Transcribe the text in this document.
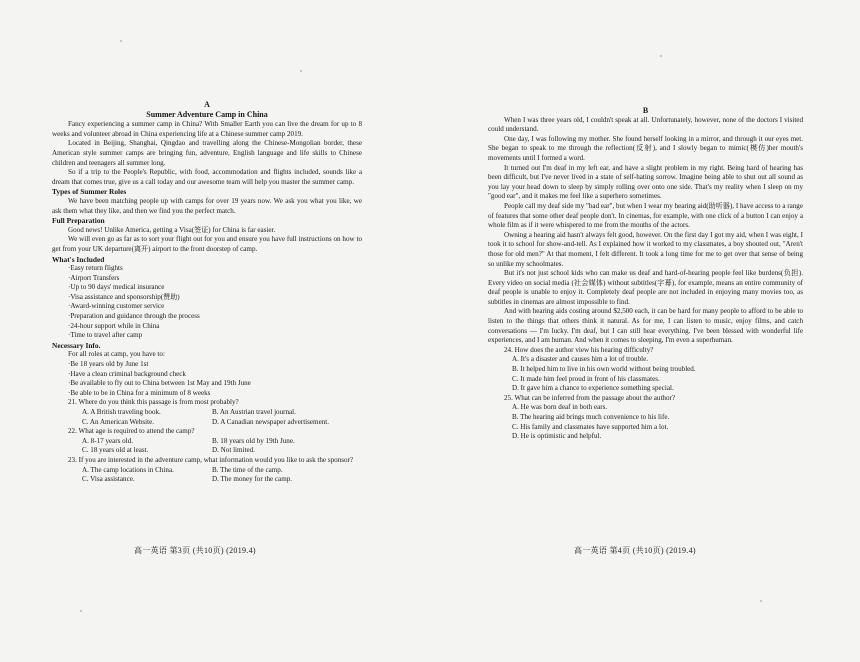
A
Summer Adventure Camp in China

Fancy experiencing a summer camp in China? With Smaller Earth you can live the dream for up to 8 weeks and volunteer abroad in China experiencing life at a Chinese summer camp 2019.

Located in Beijing, Shanghai, Qingdao and travelling along the Chinese-Mongolian border, these American style summer camps are bringing fun, adventure, English language and life skills to Chinese children and teenagers all summer long.

So if a trip to the People's Republic, with food, accommodation and flights included, sounds like a dream that comes true, give us a call today and our awesome team will help you master the summer camp.

Types of Summer Roles

We have been matching people up with camps for over 19 years now. We ask you what you like, we ask them what they like, and then we find you the perfect match.

Full Preparation

Good news! Unlike America, getting a Visa(签证) for China is far easier.

We will even go as far as to sort your flight out for you and ensure you have full instructions on how to get from your UK departure(离开) airport to the front doorstep of camp.

What's Included
·Easy return flights
·Airport Transfers
·Up to 90 days' medical insurance
·Visa assistance and sponsorship(赞助)
·Award-winning customer service
·Preparation and guidance through the process
·24-hour support while in China
·Time to travel after camp
Necessary Info.

For all roles at camp, you have to:

·Be 18 years old by June 1st
·Have a clean criminal background check
·Be available to fly out to China between 1st May and 19th June
·Be able to be in China for a minimum of 8 weeks
21. Where do you think this passage is from most probably?
A. A British traveling book.	B. An Austrian travel journal.
C. An American Website.	D. A Canadian newspaper advertisement.
22. What age is required to attend the camp?
A. 8-17 years old.	B. 18 years old by 19th June.
C. 18 years old at least.	D. Not limited.
23. If you are interested in the adventure camp, what information would you like to ask the sponsor?
A. The camp locations in China.	B. The time of the camp.
C. Visa assistance.	D. The money for the camp.
高一英语 第3页 (共10页) (2019.4)
B

When I was three years old, I couldn't speak at all. Unfortunately, however, none of the doctors I visited could understand.

One day, I was following my mother. She found herself looking in a mirror, and through it our eyes met. She began to speak to me through the reflection(反射), and I slowly began to mimic(模仿)her mouth's movements until I formed a word.

It turned out I'm deaf in my left ear, and have a slight problem in my right. Being hard of hearing has been difficult, but I've never lived in a state of self-hating sorrow. Imagine being able to shut out all sound as you lay your head down to sleep by simply rolling over onto one side. That's my reality when I sleep on my "good ear", and it makes me feel like a superhero sometimes.

People call my deaf side my "bad ear", but when I wear my hearing aid(助听器), I have access to a range of features that some other deaf people don't. In cinemas, for example, with one click of a button I can enjoy a whole film as if it were whispered to me from the mouths of the actors.

Owning a hearing aid hasn't always felt good, however. On the first day I got my aid, when I was eight, I took it to school for show-and-tell. As I explained how it worked to my classmates, a boy shouted out, "Aren't those for old men?" At that moment, I felt different. It took a long time for me to get over that sense of being so unlike my schoolmates.

But it's not just school kids who can make us deaf and hard-of-hearing people feel like burdens(负担). Every video on social media (社会媒体) without subtitles(字幕), for example, means an entire community of deaf people is unable to enjoy it. Completely deaf people are not included in enjoying many movies too, as subtitles in cinemas are almost impossible to find.

And with hearing aids costing around $2,500 each, it can be hard for many people to afford to be able to listen to the things that others think it natural. As for me, I can listen to music, enjoy films, and catch conversations — I'm lucky. I'm deaf, but I can still hear everything. I've been blessed with wonderful life experiences, and I am human. And when it comes to sleeping, I'm even a superhuman.

24. How does the author view his hearing difficulty?
A. It's a disaster and causes him a lot of trouble.
B. It helped him to live in his own world without being troubled.
C. It made him feel proud in front of his classmates.
D. It gave him a chance to experience something special.
25. What can be inferred from the passage about the author?
A. He was born deaf in both ears.
B. The hearing aid brings much convenience to his life.
C. His family and classmates have supported him a lot.
D. He is optimistic and helpful.
高一英语 第4页 (共10页) (2019.4)
